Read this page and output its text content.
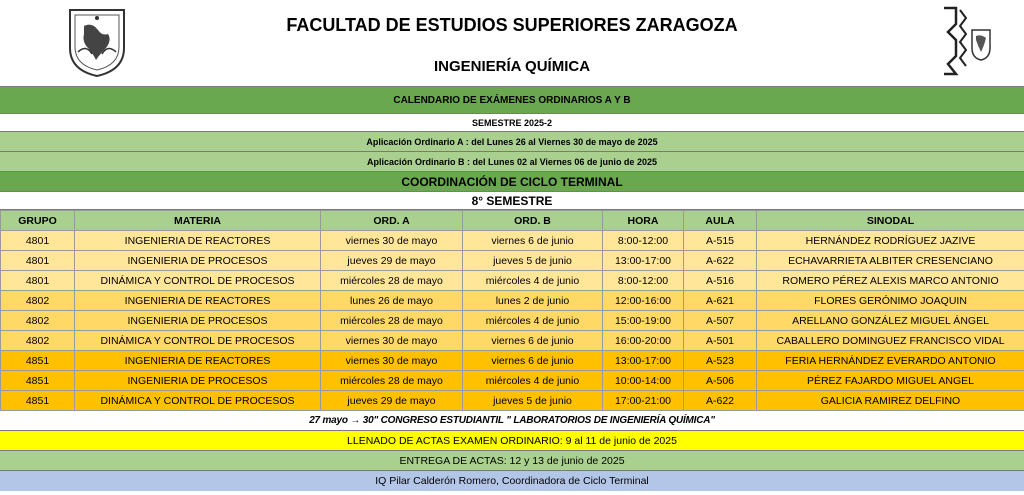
FACULTAD DE ESTUDIOS SUPERIORES ZARAGOZA
INGENIERÍA QUÍMICA
CALENDARIO DE EXÁMENES ORDINARIOS A Y B
SEMESTRE 2025-2
Aplicación Ordinario A : del Lunes 26 al Viernes 30 de mayo de 2025
Aplicación Ordinario B : del Lunes 02 al Viernes 06 de junio de 2025
COORDINACIÓN DE CICLO TERMINAL
8° SEMESTRE
GRUPO	MATERIA	ORD. A	ORD. B	HORA	AULA	SINODAL
4801	INGENIERIA DE REACTORES	viernes 30 de mayo	viernes 6 de junio	8:00-12:00	A-515	HERNÁNDEZ RODRÍGUEZ JAZIVE
4801	INGENIERIA DE PROCESOS	jueves 29 de mayo	jueves 5 de junio	13:00-17:00	A-622	ECHAVARRIETA ALBITER CRESENCIANO
4801	DINÁMICA Y CONTROL DE PROCESOS	miércoles 28 de mayo	miércoles 4 de junio	8:00-12:00	A-516	ROMERO PÉREZ ALEXIS MARCO ANTONIO
4802	INGENIERIA DE REACTORES	lunes 26 de mayo	lunes 2 de junio	12:00-16:00	A-621	FLORES GERÓNIMO JOAQUIN
4802	INGENIERIA DE PROCESOS	miércoles 28 de mayo	miércoles 4 de junio	15:00-19:00	A-507	ARELLANO GONZÁLEZ MIGUEL ÁNGEL
4802	DINÁMICA Y CONTROL DE PROCESOS	viernes 30 de mayo	viernes 6 de junio	16:00-20:00	A-501	CABALLERO DOMINGUEZ FRANCISCO VIDAL
4851	INGENIERIA DE REACTORES	viernes 30 de mayo	viernes 6 de junio	13:00-17:00	A-523	FERIA HERNÁNDEZ EVERARDO ANTONIO
4851	INGENIERIA DE PROCESOS	miércoles 28 de mayo	miércoles 4 de junio	10:00-14:00	A-506	PÉREZ FAJARDO MIGUEL ANGEL
4851	DINÁMICA Y CONTROL DE PROCESOS	jueves 29 de mayo	jueves 5 de junio	17:00-21:00	A-622	GALICIA RAMIREZ DELFINO
27 mayo → 30" CONGRESO ESTUDIANTIL " LABORATORIOS DE INGENIERÍA QUÍMICA"
LLENADO DE ACTAS EXAMEN ORDINARIO: 9 al 11 de junio de 2025
ENTREGA DE ACTAS: 12 y 13 de junio de 2025
IQ Pilar Calderón Romero, Coordinadora de Ciclo Terminal
